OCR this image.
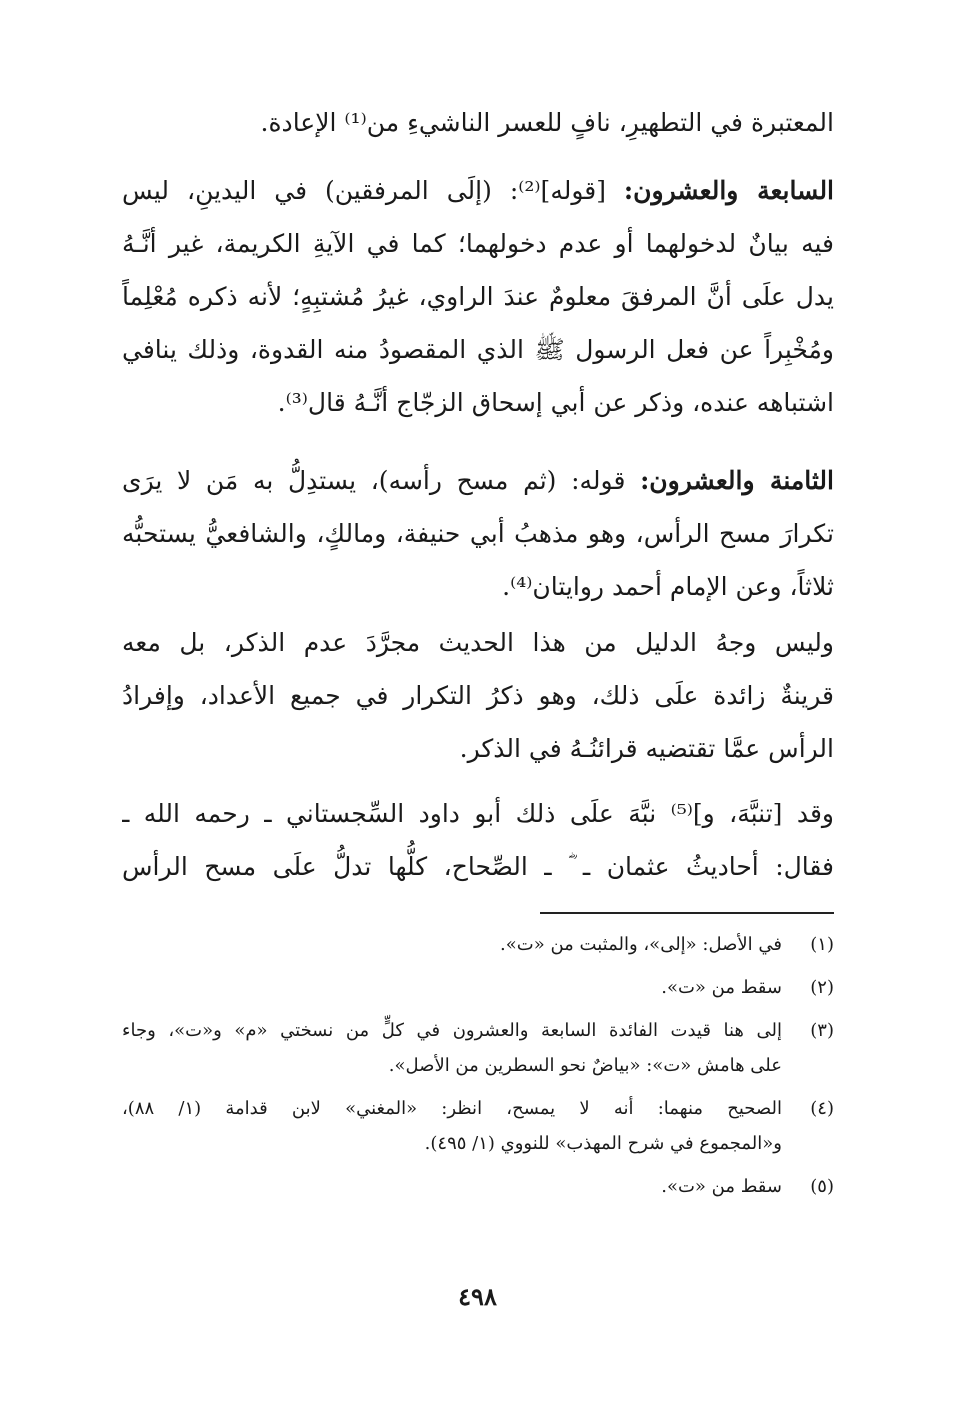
المعتبرة في التطهيرِ، نافٍ للعسر الناشيءِ من⁽¹⁾ الإعادة.
السابعة والعشرون: [قوله]⁽²⁾: (إلَى المرفقين) في اليدينِ، ليس
فيه بيانٌ لدخولهما أو عدم دخولهما؛ كما في الآيةِ الكريمة، غير أنَّـهُ
يدل علَى أنَّ المرفقَ معلومٌ عندَ الراوي، غيرُ مُشتبِهٍ؛ لأنه ذكره مُعْلِماً
ومُخْبِراً عن فعل الرسول ﷺ الذي المقصودُ منه القدوة، وذلك ينافي
اشتباهه عنده، وذكر عن أبي إسحاق الزجّاج أنَّـهُ قال⁽³⁾.
الثامنة والعشرون: قوله: (ثم مسح رأسه)، يستدِلُّ به مَن لا يرَى
تكرارَ مسح الرأس، وهو مذهبُ أبي حنيفة، ومالكٍ، والشافعيُّ يستحبُّه
ثلاثاً، وعن الإمام أحمد روايتان⁽⁴⁾.
وليس وجهُ الدليل من هذا الحديث مجرَّدَ عدم الذكر، بل معه
قرينةٌ زائدة علَى ذلك، وهو ذكرُ التكرار في جميع الأعداد، وإفرادُ
الرأس عمَّا تقتضيه قرائنُـهُ في الذكر.
وقد [تنبَّهَ، و]⁽⁵⁾ نبَّهَ علَى ذلك أبو داود السِّجستاني ـ رحمه الله ـ
فقال: أحاديثُ عثمان ـ ؓ ـ الصِّحاح، كلُّها تدلُّ علَى مسح الرأس
(١)
في الأصل: «إلى»، والمثبت من «ت».
(٢)
سقط من «ت».
(٣)
إلى هنا قيدت الفائدة السابعة والعشرون في كلٍّ من نسختي «م» و«ت»، وجاء
على هامش «ت»: «بياضٌ نحو السطرين من الأصل».
(٤)
الصحيح منهما: أنه لا يمسح، انظر: «المغني» لابن قدامة (١/ ٨٨)،
و«المجموع في شرح المهذب» للنووي (١/ ٤٩٥).
(٥)
سقط من «ت».
٤٩٨
